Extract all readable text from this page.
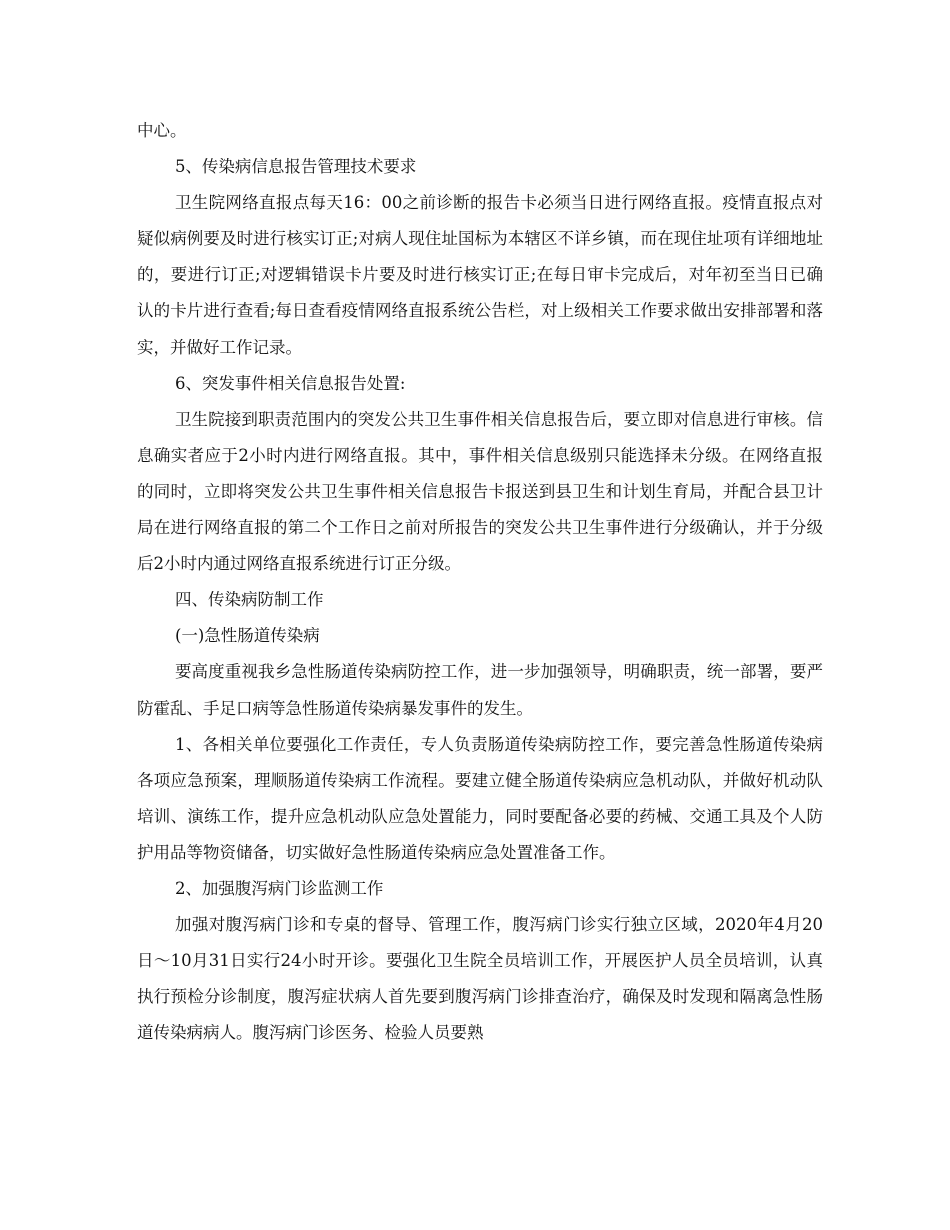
中心。

5、传染病信息报告管理技术要求

卫生院网络直报点每天16：00之前诊断的报告卡必须当日进行网络直报。疫情直报点对疑似病例要及时进行核实订正;对病人现住址国标为本辖区不详乡镇，而在现住址项有详细地址的，要进行订正;对逻辑错误卡片要及时进行核实订正;在每日审卡完成后，对年初至当日已确认的卡片进行查看;每日查看疫情网络直报系统公告栏，对上级相关工作要求做出安排部署和落实，并做好工作记录。

6、突发事件相关信息报告处置:

卫生院接到职责范围内的突发公共卫生事件相关信息报告后，要立即对信息进行审核。信息确实者应于2小时内进行网络直报。其中，事件相关信息级别只能选择未分级。在网络直报的同时，立即将突发公共卫生事件相关信息报告卡报送到县卫生和计划生育局，并配合县卫计局在进行网络直报的第二个工作日之前对所报告的突发公共卫生事件进行分级确认，并于分级后2小时内通过网络直报系统进行订正分级。

四、传染病防制工作

(一)急性肠道传染病

要高度重视我乡急性肠道传染病防控工作，进一步加强领导，明确职责，统一部署，要严防霍乱、手足口病等急性肠道传染病暴发事件的发生。

1、各相关单位要强化工作责任，专人负责肠道传染病防控工作，要完善急性肠道传染病各项应急预案，理顺肠道传染病工作流程。要建立健全肠道传染病应急机动队，并做好机动队培训、演练工作，提升应急机动队应急处置能力，同时要配备必要的药械、交通工具及个人防护用品等物资储备，切实做好急性肠道传染病应急处置准备工作。

2、加强腹泻病门诊监测工作

加强对腹泻病门诊和专桌的督导、管理工作，腹泻病门诊实行独立区域，2020年4月20日～10月31日实行24小时开诊。要强化卫生院全员培训工作，开展医护人员全员培训，认真执行预检分诊制度，腹泻症状病人首先要到腹泻病门诊排查治疗，确保及时发现和隔离急性肠道传染病病人。腹泻病门诊医务、检验人员要熟
